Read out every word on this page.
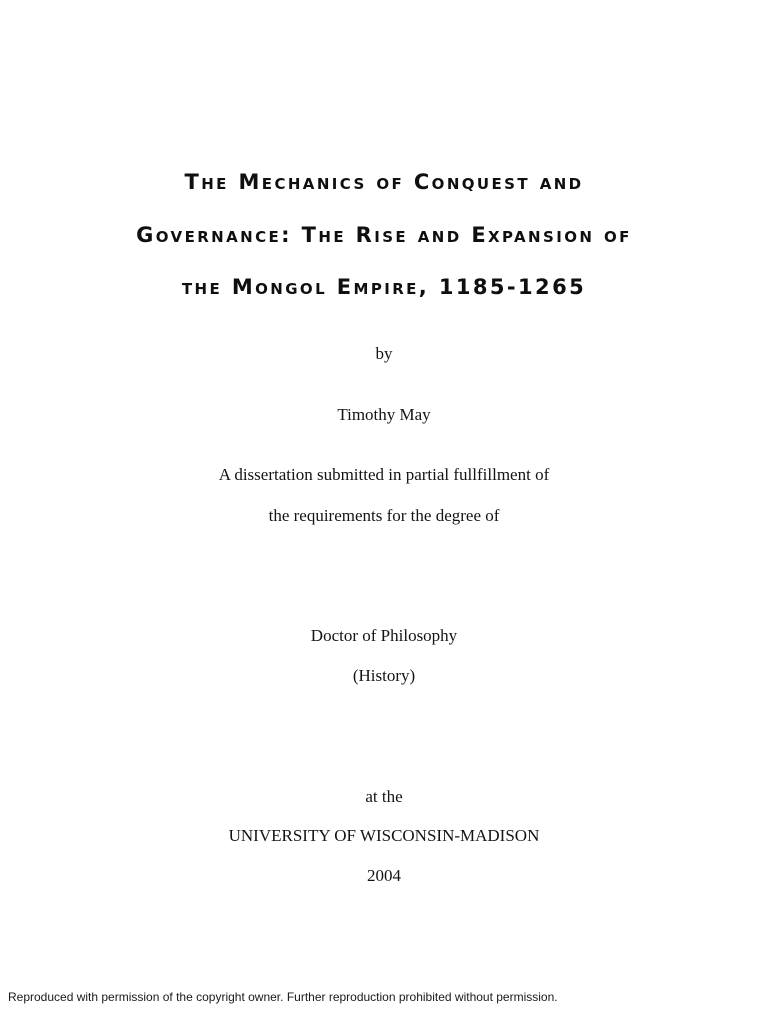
The Mechanics of Conquest and
Governance: The Rise and Expansion of
the Mongol Empire, 1185-1265
by
Timothy May
A dissertation submitted in partial fullfillment of
the requirements for the degree of
Doctor of Philosophy
(History)
at the
UNIVERSITY OF WISCONSIN-MADISON
2004
Reproduced with permission of the copyright owner. Further reproduction prohibited without permission.
